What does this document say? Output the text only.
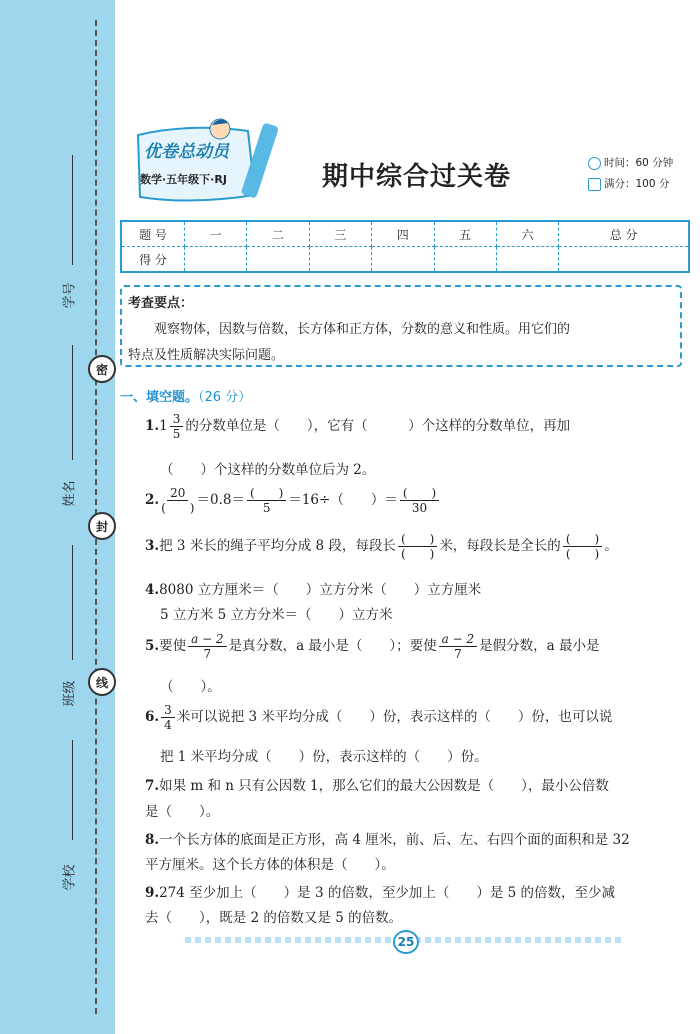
学号
姓名
班级
学校
密
封
线
优卷总动员
数学·五年级下·RJ	期中综合过关卷	时间：60 分钟
满分：100 分
题 号	一	二	三	四	五	六	总 分
得 分							
考查要点：
观察物体，因数与倍数，长方体和正方体，分数的意义和性质。用它们的
特点及性质解决实际问题。
一、填空题。（26 分）
$1.1 \frac{3}{5}$ 的分数单位是（　　），它有（　　　）个这样的分数单位，再加
（　　）个这样的分数单位后为 2。
2. $\frac{20}{( )} =0.8= \frac{( )}{5} =16\div$（　　）＝ $\frac{( )}{30}$
3.把 3 米长的绳子平均分成 8 段，每段长 $\frac{( )}{( )}$ 米，每段长是全长的 $\frac{( )}{( )}$ 。
4.8080 立方厘米＝（　　）立方分米（　　）立方厘米
5 立方米 5 立方分米＝（　　）立方米
5.要使 $\frac{a - 2}{7}$ 是真分数，a 最小是（　　）；要使 $\frac{a - 2}{7}$ 是假分数，a 最小是
（　　）。
6. $\frac{3}{4}$ 米可以说把 3 米平均分成（　　）份，表示这样的（　　）份，也可以说
把 1 米平均分成（　　）份，表示这样的（　　）份。
7.如果 m 和 n 只有公因数 1，那么它们的最大公因数是（　　），最小公倍数
是（　　）。
8.一个长方体的底面是正方形，高 4 厘米，前、后、左、右四个面的面积和是 32
平方厘米。这个长方体的体积是（　　）。
9.274 至少加上（　　）是 3 的倍数，至少加上（　　）是 5 的倍数，至少减
去（　　），既是 2 的倍数又是 5 的倍数。
25
